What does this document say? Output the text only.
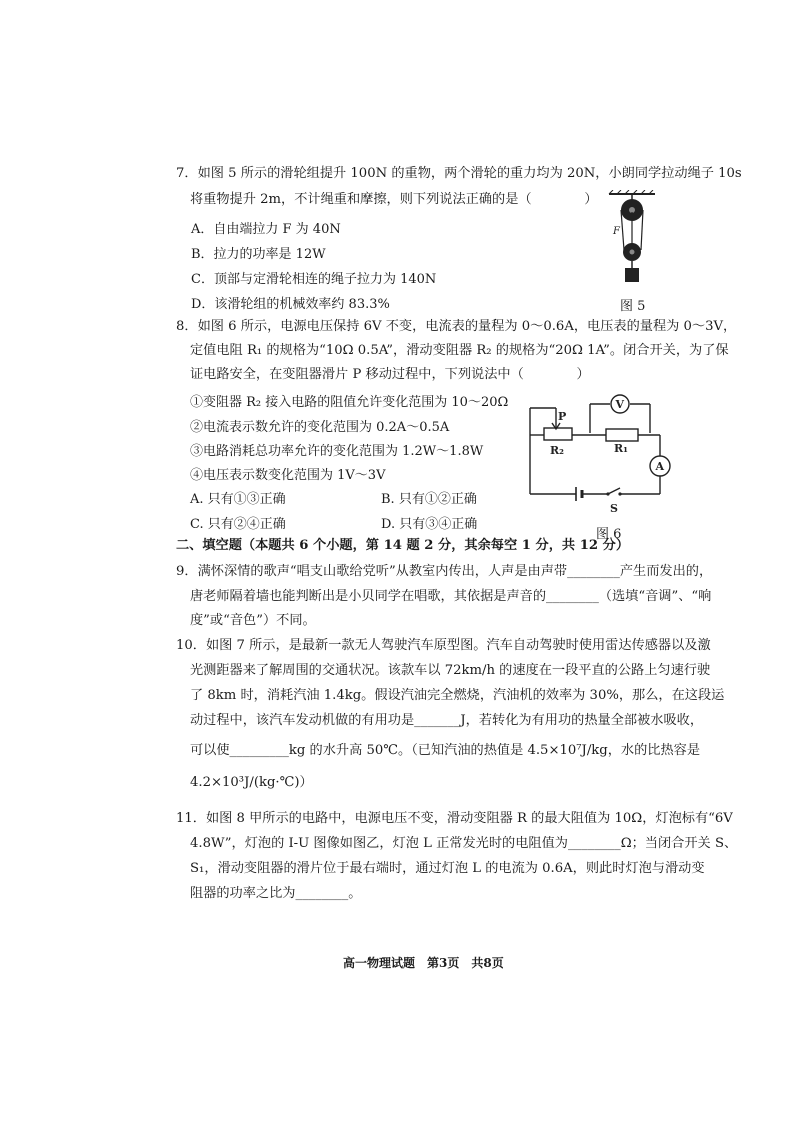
7．如图 5 所示的滑轮组提升 100N 的重物，两个滑轮的重力均为 20N，小朗同学拉动绳子 10s
将重物提升 2m，不计绳重和摩擦，则下列说法正确的是（　　　　）
A．自由端拉力 F 为 40N
B．拉力的功率是 12W
C．顶部与定滑轮相连的绳子拉力为 140N
D．该滑轮组的机械效率约 83.3%
F
图 5
8．如图 6 所示，电源电压保持 6V 不变，电流表的量程为 0～0.6A，电压表的量程为 0～3V，
定值电阻 R₁ 的规格为“10Ω 0.5A”，滑动变阻器 R₂ 的规格为“20Ω 1A”。闭合开关，为了保
证电路安全，在变阻器滑片 P 移动过程中，下列说法中（　　　　）
①变阻器 R₂ 接入电路的阻值允许变化范围为 10～20Ω
②电流表示数允许的变化范围为 0.2A～0.5A
③电路消耗总功率允许的变化范围为 1.2W～1.8W
④电压表示数变化范围为 1V～3V
A. 只有①③正确	B. 只有①②正确
C. 只有②④正确	D. 只有③④正确
V
A
P
R₂	R₁
S
图 6
二、填空题（本题共 6 个小题，第 14 题 2 分，其余每空 1 分，共 12 分）
9．满怀深情的歌声“唱支山歌给党听”从教室内传出，人声是由声带________产生而发出的，
唐老师隔着墙也能判断出是小贝同学在唱歌，其依据是声音的________（选填“音调”、“响
度”或“音色”）不同。
10．如图 7 所示，是最新一款无人驾驶汽车原型图。汽车自动驾驶时使用雷达传感器以及激
光测距器来了解周围的交通状况。该款车以 72km/h 的速度在一段平直的公路上匀速行驶
了 8km 时，消耗汽油 1.4kg。假设汽油完全燃烧，汽油机的效率为 30%，那么，在这段运
动过程中，该汽车发动机做的有用功是_______J，若转化为有用功的热量全部被水吸收，
可以使_________kg 的水升高 50℃。（已知汽油的热值是 4.5×10⁷J/kg，水的比热容是
4.2×10³J/(kg·℃)）
11．如图 8 甲所示的电路中，电源电压不变，滑动变阻器 R 的最大阻值为 10Ω，灯泡标有“6V
4.8W”，灯泡的 I-U 图像如图乙，灯泡 L 正常发光时的电阻值为________Ω；当闭合开关 S、
S₁，滑动变阻器的滑片位于最右端时，通过灯泡 L 的电流为 0.6A，则此时灯泡与滑动变
阻器的功率之比为________。
高一物理试题　第3页　共8页
